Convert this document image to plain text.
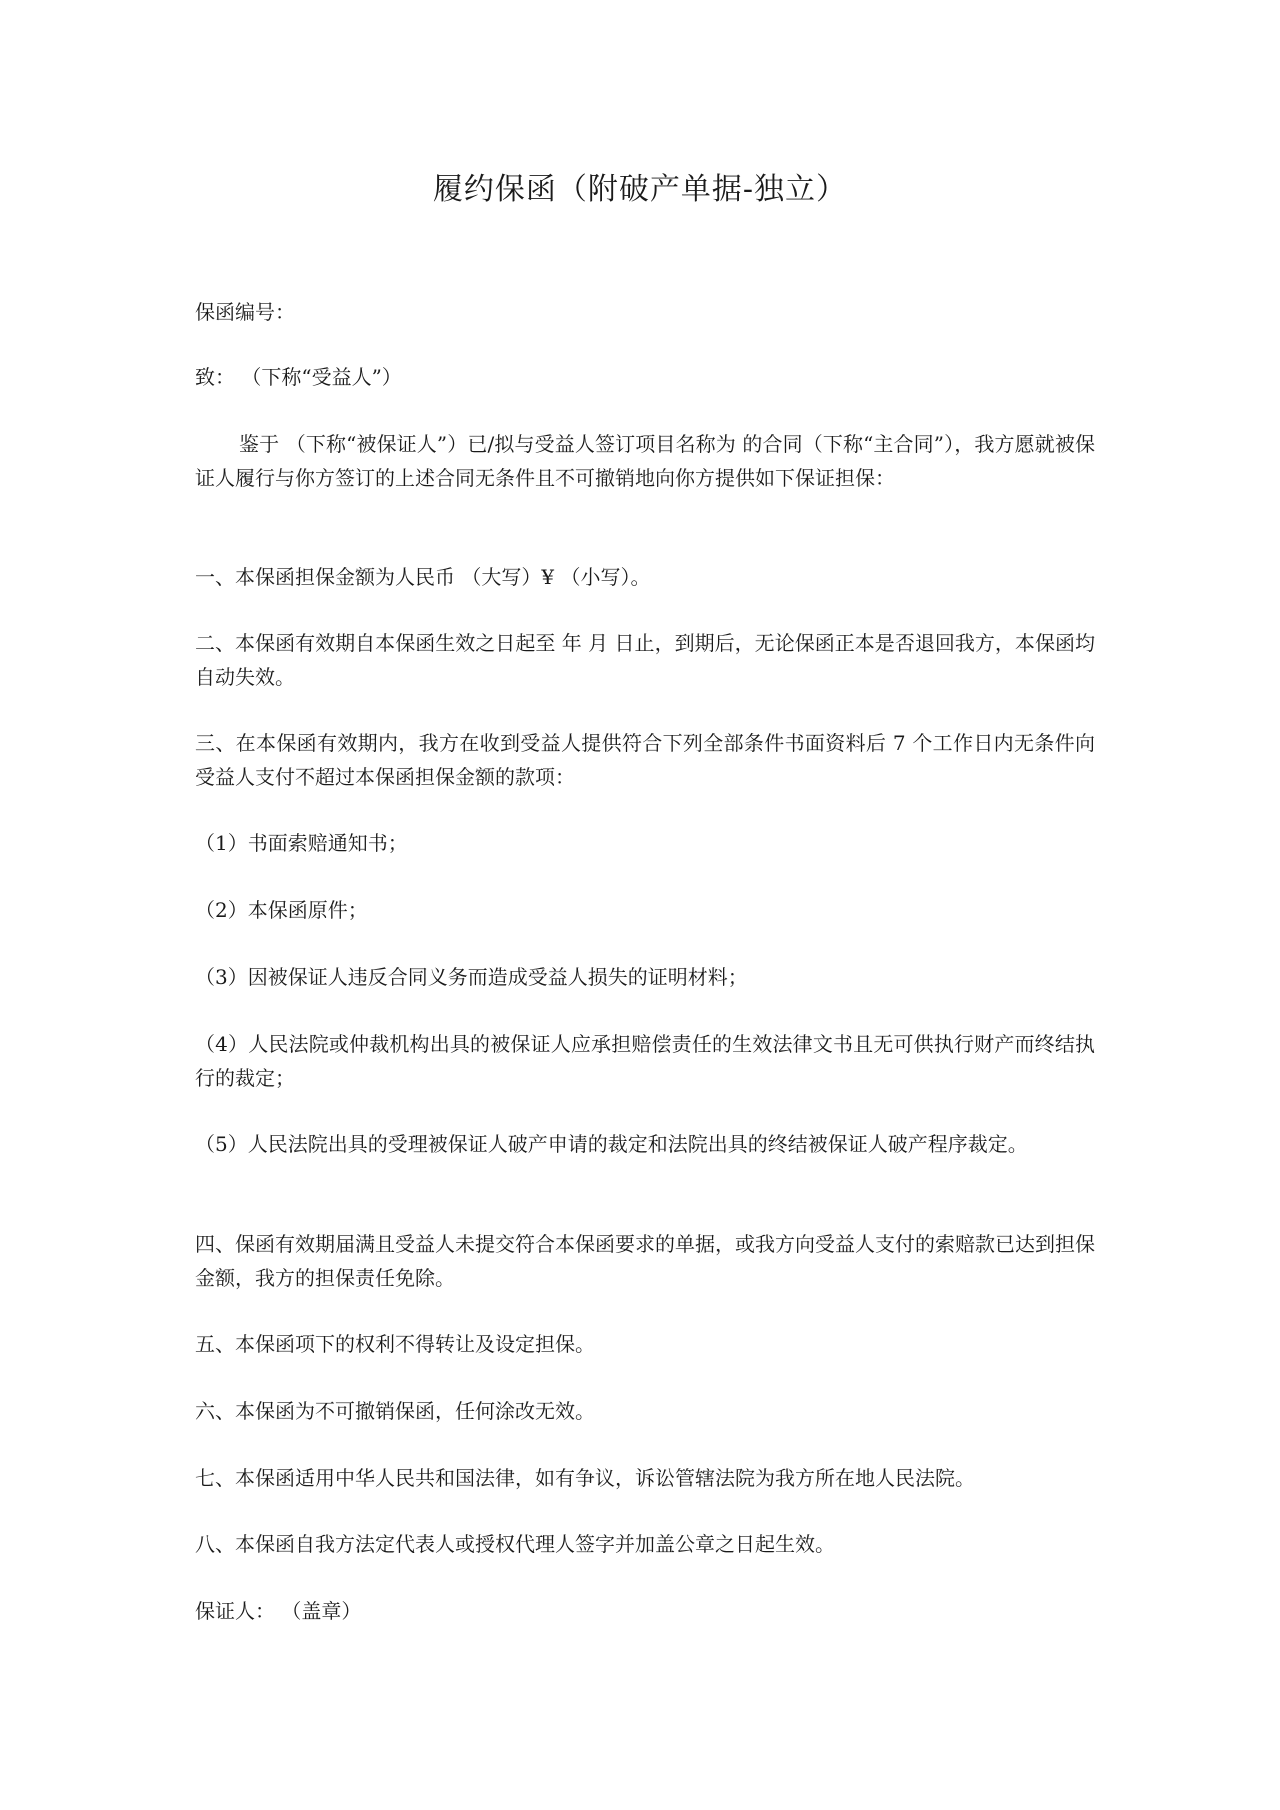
履约保函（附破产单据-独立）

保函编号：

致： （下称“受益人”）

鉴于 （下称“被保证人”）已/拟与受益人签订项目名称为 的合同（下称“主合同”），我方愿就被保证人履行与你方签订的上述合同无条件且不可撤销地向你方提供如下保证担保：

一、本保函担保金额为人民币 （大写）¥ （小写）。

二、本保函有效期自本保函生效之日起至 年 月 日止，到期后，无论保函正本是否退回我方，本保函均自动失效。

三、在本保函有效期内，我方在收到受益人提供符合下列全部条件书面资料后 7 个工作日内无条件向受益人支付不超过本保函担保金额的款项：

（1）书面索赔通知书；

（2）本保函原件；

（3）因被保证人违反合同义务而造成受益人损失的证明材料；

（4）人民法院或仲裁机构出具的被保证人应承担赔偿责任的生效法律文书且无可供执行财产而终结执行的裁定；

（5）人民法院出具的受理被保证人破产申请的裁定和法院出具的终结被保证人破产程序裁定。

四、保函有效期届满且受益人未提交符合本保函要求的单据，或我方向受益人支付的索赔款已达到担保金额，我方的担保责任免除。

五、本保函项下的权利不得转让及设定担保。

六、本保函为不可撤销保函，任何涂改无效。

七、本保函适用中华人民共和国法律，如有争议，诉讼管辖法院为我方所在地人民法院。

八、本保函自我方法定代表人或授权代理人签字并加盖公章之日起生效。

保证人： （盖章）
